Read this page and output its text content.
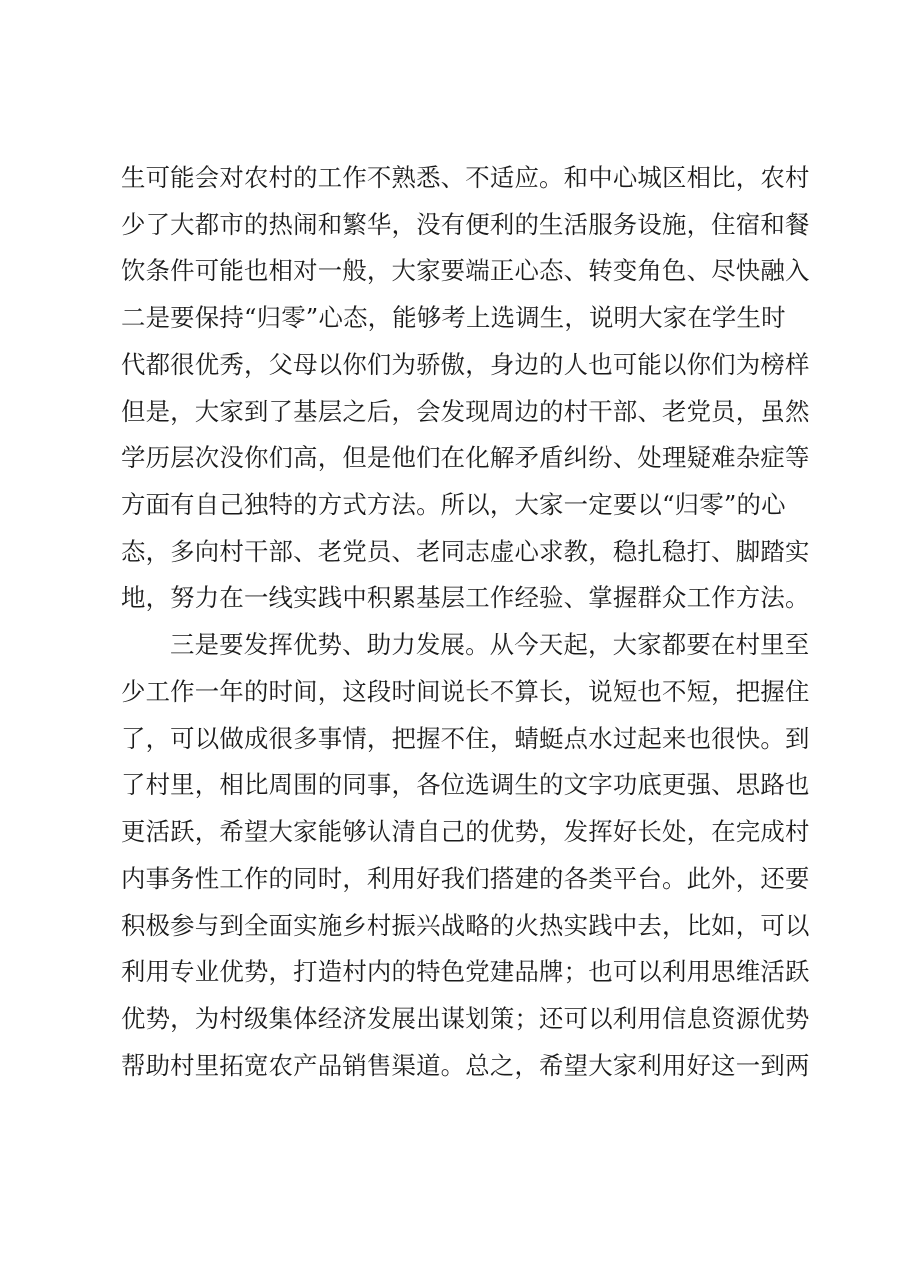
生可能会对农村的工作不熟悉、不适应。和中心城区相比，农村
少了大都市的热闹和繁华，没有便利的生活服务设施，住宿和餐
饮条件可能也相对一般，大家要端正心态、转变角色、尽快融入
二是要保持“归零”心态，能够考上选调生，说明大家在学生时
代都很优秀，父母以你们为骄傲，身边的人也可能以你们为榜样
但是，大家到了基层之后，会发现周边的村干部、老党员，虽然
学历层次没你们高，但是他们在化解矛盾纠纷、处理疑难杂症等
方面有自己独特的方式方法。所以，大家一定要以“归零”的心
态，多向村干部、老党员、老同志虚心求教，稳扎稳打、脚踏实
地，努力在一线实践中积累基层工作经验、掌握群众工作方法。
三是要发挥优势、助力发展。从今天起，大家都要在村里至
少工作一年的时间，这段时间说长不算长，说短也不短，把握住
了，可以做成很多事情，把握不住，蜻蜓点水过起来也很快。到
了村里，相比周围的同事，各位选调生的文字功底更强、思路也
更活跃，希望大家能够认清自己的优势，发挥好长处，在完成村
内事务性工作的同时，利用好我们搭建的各类平台。此外，还要
积极参与到全面实施乡村振兴战略的火热实践中去，比如，可以
利用专业优势，打造村内的特色党建品牌；也可以利用思维活跃
优势，为村级集体经济发展出谋划策；还可以利用信息资源优势
帮助村里拓宽农产品销售渠道。总之，希望大家利用好这一到两
